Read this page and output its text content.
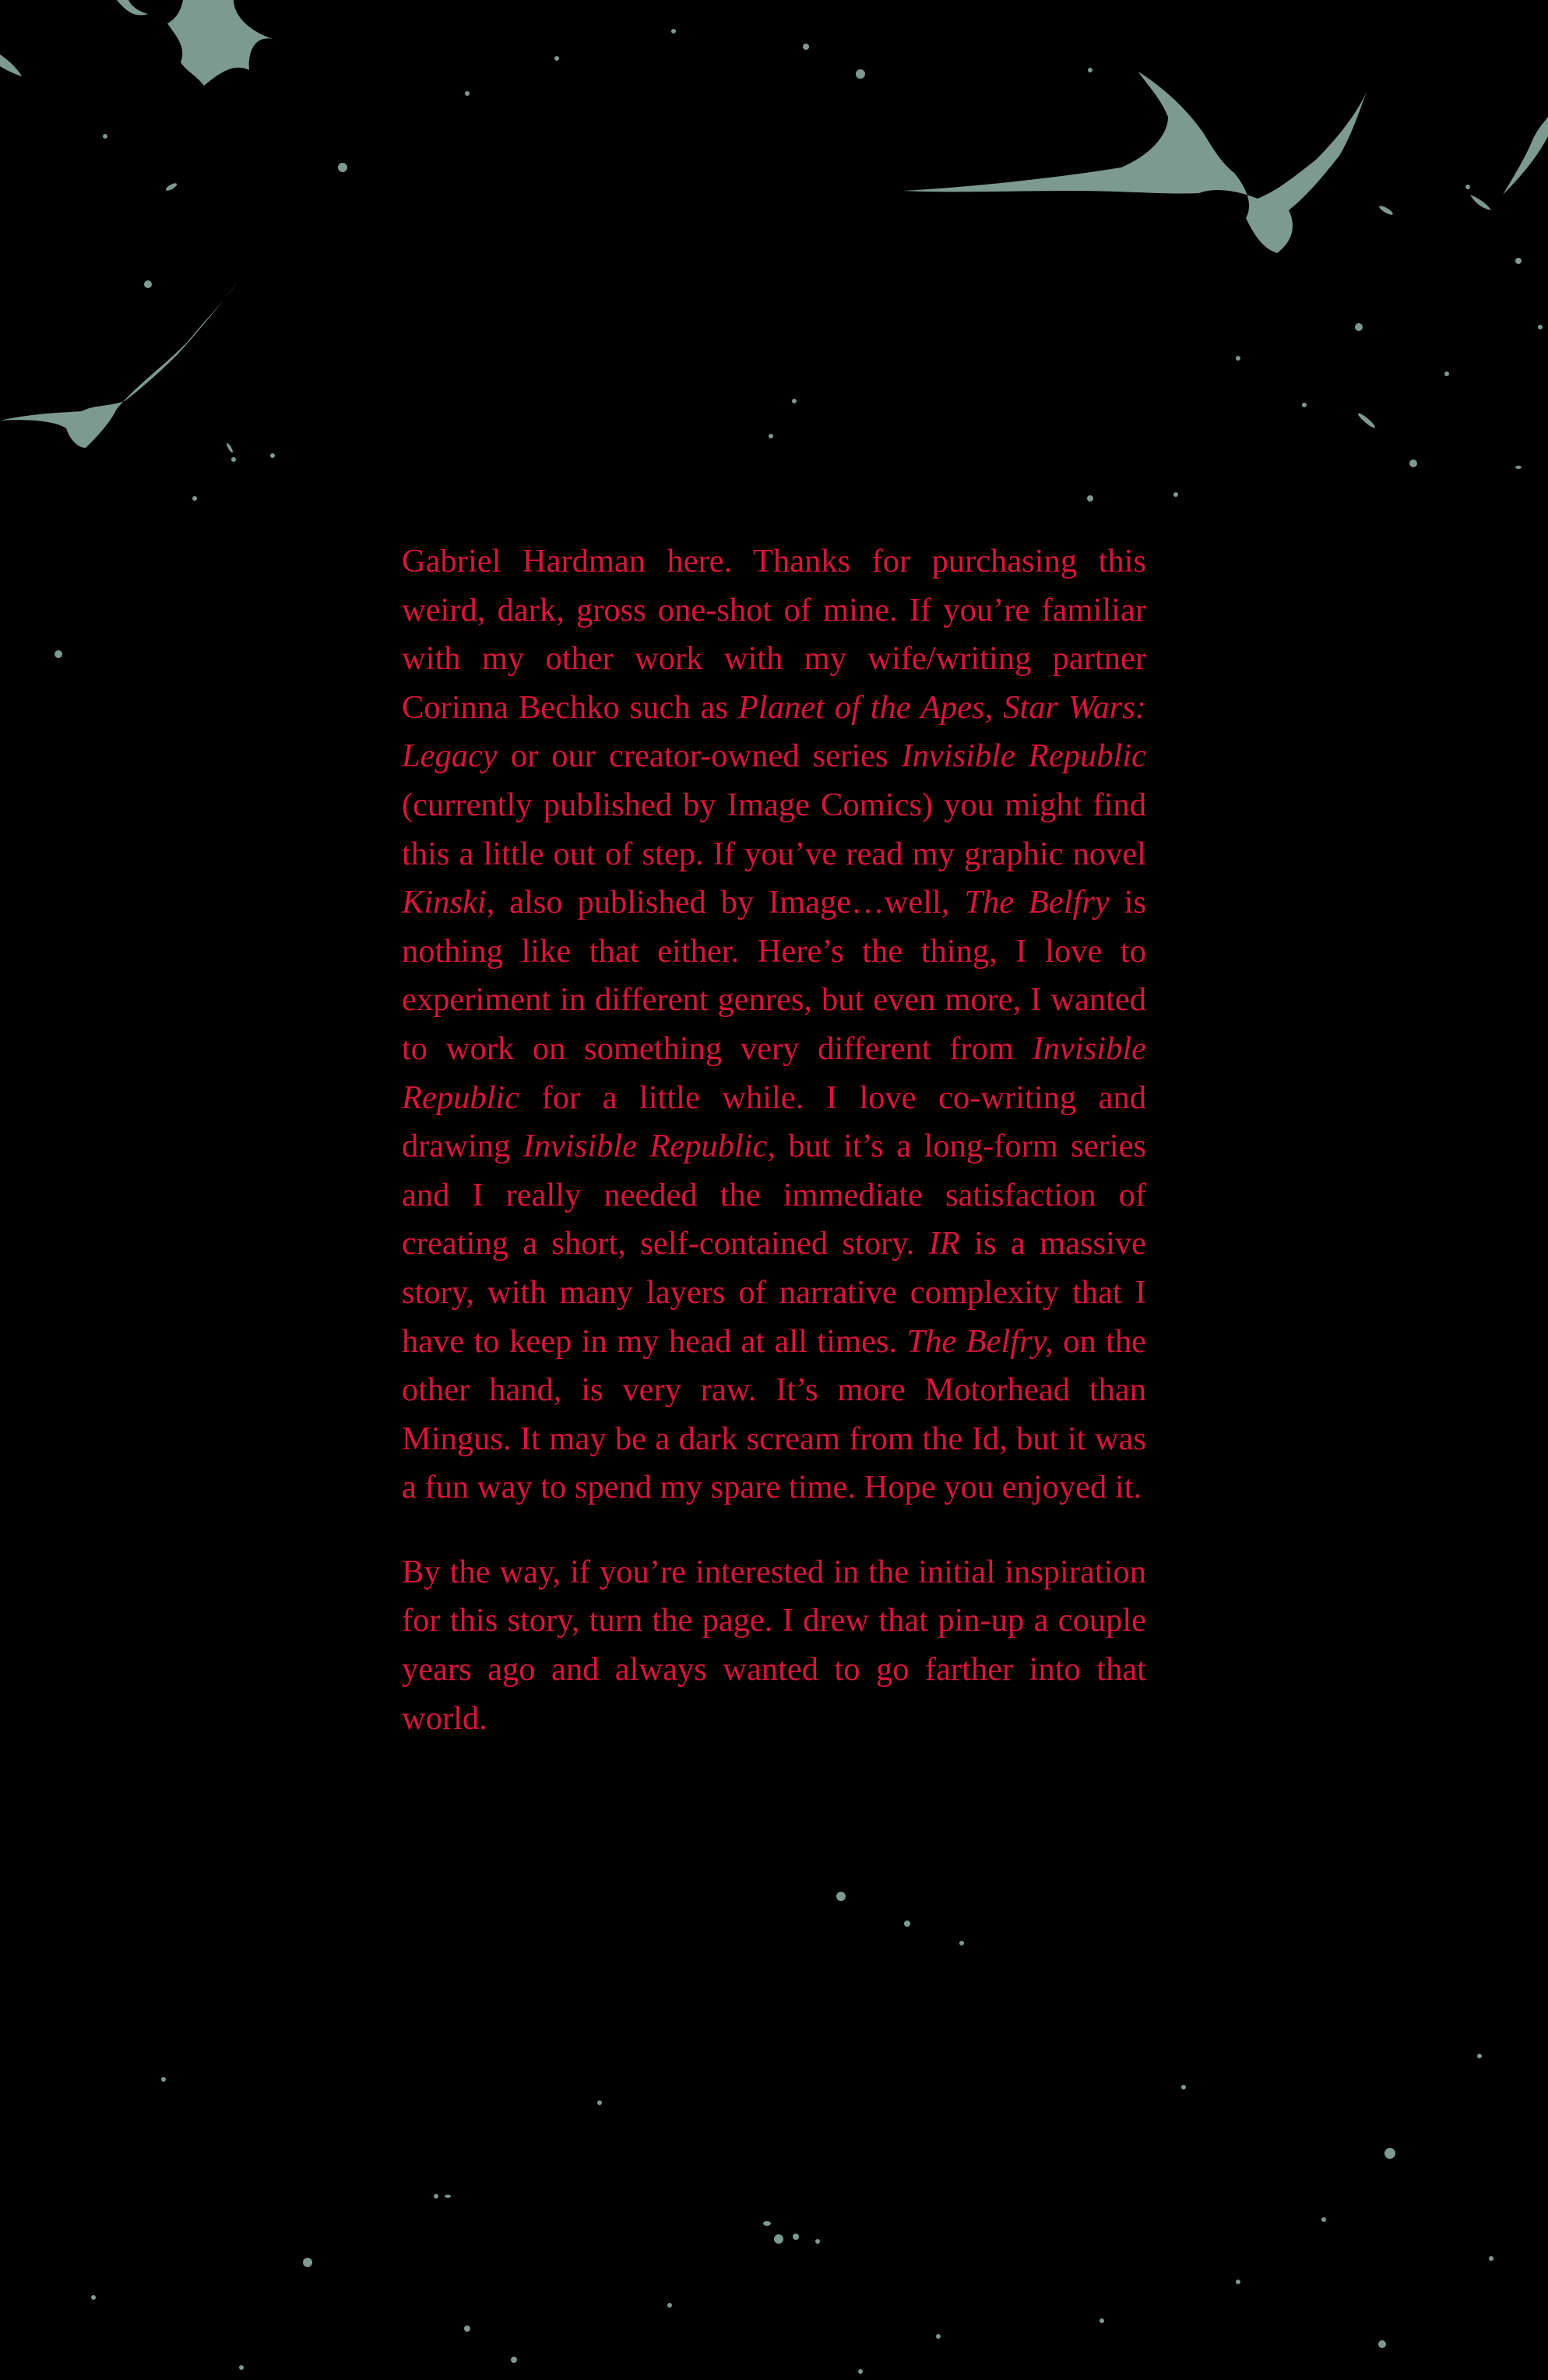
Gabriel Hardman here. Thanks for purchasing this weird, dark, gross one-shot of mine. If you’re familiar with my other work with my wife/writing partner Corinna Bechko such as Planet of the Apes, Star Wars: Legacy or our creator-owned series Invisible Republic (currently published by Image Comics) you might find this a little out of step. If you’ve read my graphic novel Kinski, also published by Image…well, The Belfry is nothing like that either. Here’s the thing, I love to experiment in different genres, but even more, I wanted to work on something very different from Invisible Republic for a little while. I love co-writing and drawing Invisible Republic, but it’s a long-form series and I really needed the immediate satisfaction of creating a short, self-contained story. IR is a massive story, with many layers of narrative complexity that I have to keep in my head at all times. The Belfry, on the other hand, is very raw. It’s more Motorhead than Mingus. It may be a dark scream from the Id, but it was a fun way to spend my spare time. Hope you enjoyed it.

By the way, if you’re interested in the initial inspiration for this story, turn the page. I drew that pin-up a couple years ago and always wanted to go farther into that world.
